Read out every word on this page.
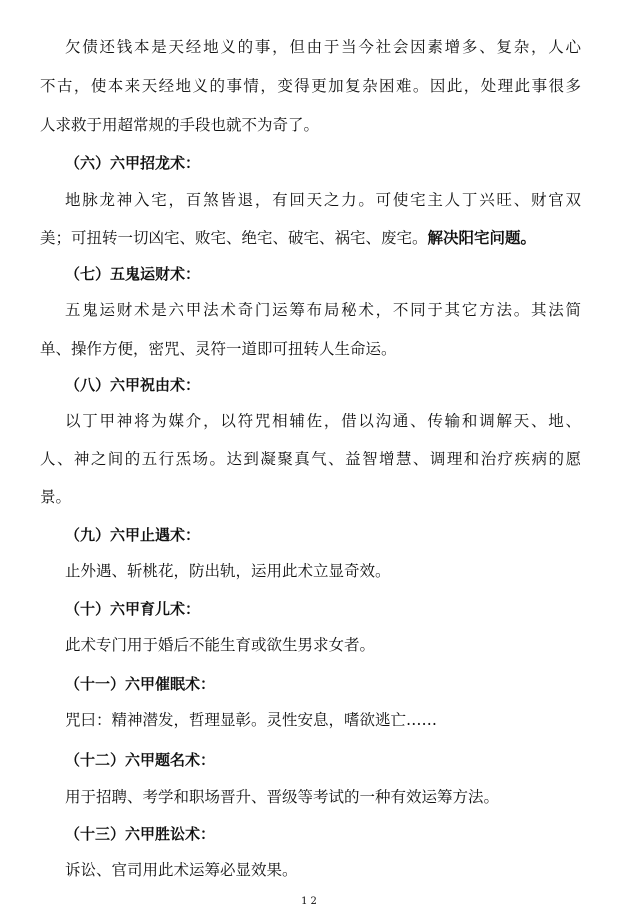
欠债还钱本是天经地义的事，但由于当今社会因素增多、复杂，人心
不古，使本来天经地义的事情，变得更加复杂困难。因此，处理此事很多
人求救于用超常规的手段也就不为奇了。
（六）六甲招龙术：
地脉龙神入宅，百煞皆退，有回天之力。可使宅主人丁兴旺、财官双
美；可扭转一切凶宅、败宅、绝宅、破宅、祸宅、废宅。解决阳宅问题。
（七）五鬼运财术：
五鬼运财术是六甲法术奇门运筹布局秘术，不同于其它方法。其法简
单、操作方便，密咒、灵符一道即可扭转人生命运。
（八）六甲祝由术：
以丁甲神将为媒介，以符咒相辅佐，借以沟通、传输和调解天、地、
人、神之间的五行炁场。达到凝聚真气、益智增慧、调理和治疗疾病的愿
景。
（九）六甲止遇术：
止外遇、斩桃花，防出轨，运用此术立显奇效。
（十）六甲育儿术：
此术专门用于婚后不能生育或欲生男求女者。
（十一）六甲催眠术：
咒曰：精神潜发，哲理显彰。灵性安息，嗜欲逃亡……
（十二）六甲题名术：
用于招聘、考学和职场晋升、晋级等考试的一种有效运筹方法。
（十三）六甲胜讼术：
诉讼、官司用此术运筹必显效果。
12
